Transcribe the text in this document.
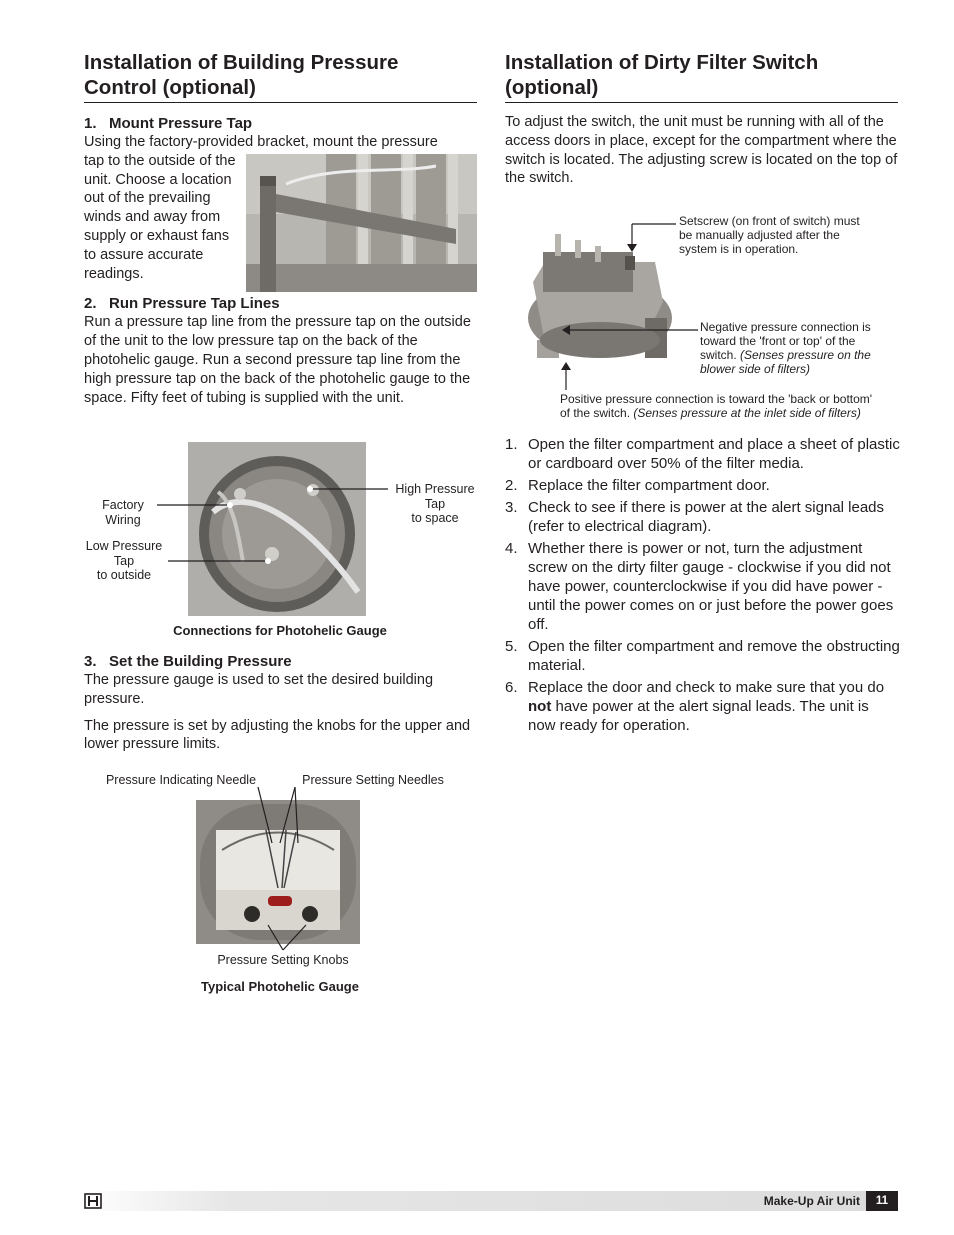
Installation of Building Pressure
Control (optional)
1. Mount Pressure Tap
Using the factory-provided bracket, mount the pressure
tap to the outside of the unit. Choose a location out of the prevailing winds and away from supply or exhaust fans to assure accurate readings.
2. Run Pressure Tap Lines
Run a pressure tap line from the pressure tap on the outside of the unit to the low pressure tap on the back of the photohelic gauge. Run a second pressure tap line from the high pressure tap on the back of the photohelic gauge to the space. Fifty feet of tubing is supplied with the unit.
Factory
Wiring
Low Pressure
Tap
to outside
High Pressure
Tap
to space
Connections for Photohelic Gauge
3. Set the Building Pressure
The pressure gauge is used to set the desired building pressure.
The pressure is set by adjusting the knobs for the upper and lower pressure limits.
Pressure Indicating Needle	Pressure Setting Needles
Pressure Setting Knobs
Typical Photohelic Gauge
Installation of Dirty Filter Switch
(optional)
To adjust the switch, the unit must be running with all of the access doors in place, except for the compartment where the switch is located. The adjusting screw is located on the top of the switch.
Setscrew (on front of switch) must
be manually adjusted after the
system is in operation.
Negative pressure connection is
toward the 'front or top' of the
switch. (Senses pressure on the blower side of filters)
Positive pressure connection is toward the 'back or bottom'
of the switch. (Senses pressure at the inlet side of filters)
1. Open the filter compartment and place a sheet of plastic or cardboard over 50% of the filter media.
2. Replace the filter compartment door.
3. Check to see if there is power at the alert signal leads (refer to electrical diagram).
4. Whether there is power or not, turn the adjustment screw on the dirty filter gauge - clockwise if you did not have power, counterclockwise if you did have power - until the power comes on or just before the power goes off.
5. Open the filter compartment and remove the obstructing material.
6. Replace the door and check to make sure that you do not have power at the alert signal leads. The unit is now ready for operation.
Make-Up Air Unit	11
